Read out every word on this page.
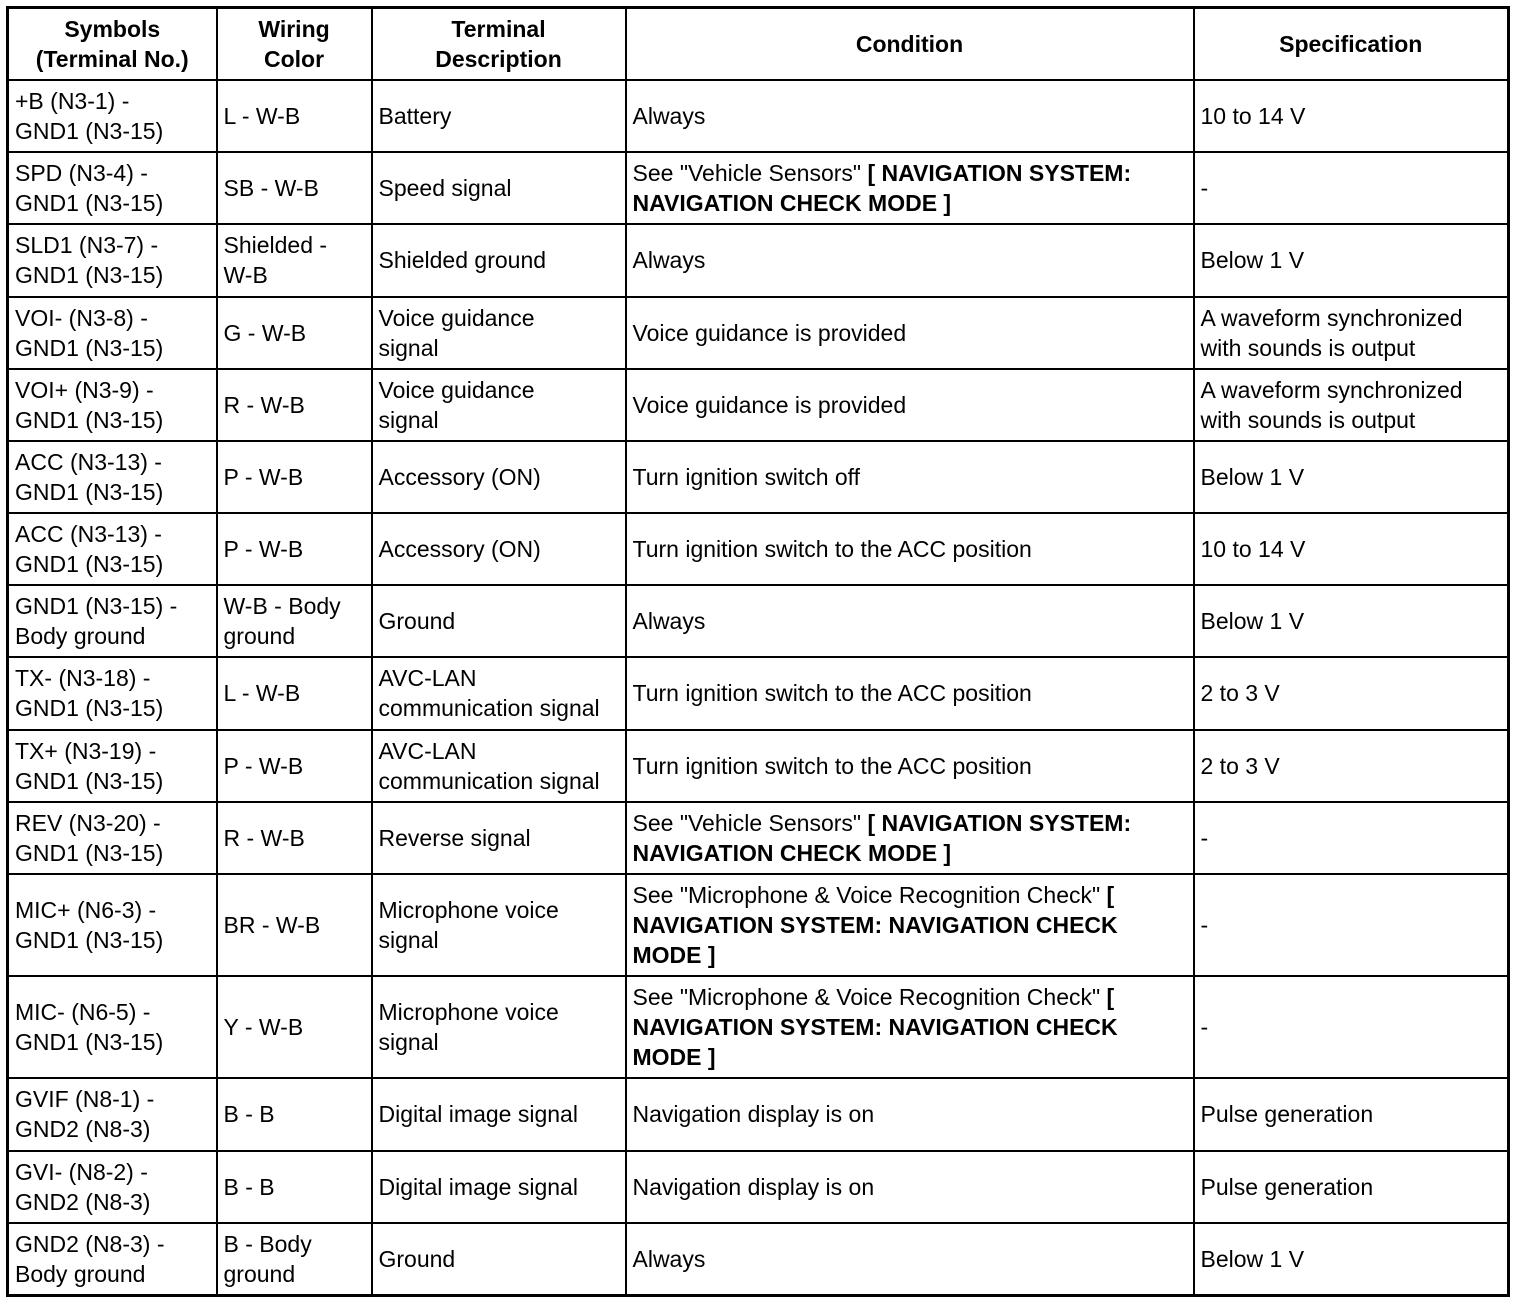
Symbols
(Terminal No.)	Wiring
Color	Terminal
Description	Condition	Specification
+B (N3-1) -
GND1 (N3-15)	L - W-B	Battery	Always	10 to 14 V
SPD (N3-4) -
GND1 (N3-15)	SB - W-B	Speed signal	See "Vehicle Sensors" [ NAVIGATION SYSTEM: NAVIGATION CHECK MODE ]	-
SLD1 (N3-7) -
GND1 (N3-15)	Shielded -
W-B	Shielded ground	Always	Below 1 V
VOI- (N3-8) -
GND1 (N3-15)	G - W-B	Voice guidance
signal	Voice guidance is provided	A waveform synchronized
with sounds is output
VOI+ (N3-9) -
GND1 (N3-15)	R - W-B	Voice guidance
signal	Voice guidance is provided	A waveform synchronized
with sounds is output
ACC (N3-13) -
GND1 (N3-15)	P - W-B	Accessory (ON)	Turn ignition switch off	Below 1 V
ACC (N3-13) -
GND1 (N3-15)	P - W-B	Accessory (ON)	Turn ignition switch to the ACC position	10 to 14 V
GND1 (N3-15) -
Body ground	W-B - Body
ground	Ground	Always	Below 1 V
TX- (N3-18) -
GND1 (N3-15)	L - W-B	AVC-LAN
communication signal	Turn ignition switch to the ACC position	2 to 3 V
TX+ (N3-19) -
GND1 (N3-15)	P - W-B	AVC-LAN
communication signal	Turn ignition switch to the ACC position	2 to 3 V
REV (N3-20) -
GND1 (N3-15)	R - W-B	Reverse signal	See "Vehicle Sensors" [ NAVIGATION SYSTEM: NAVIGATION CHECK MODE ]	-
MIC+ (N6-3) -
GND1 (N3-15)	BR - W-B	Microphone voice
signal	See "Microphone & Voice Recognition Check" [ NAVIGATION SYSTEM: NAVIGATION CHECK MODE ]	-
MIC- (N6-5) -
GND1 (N3-15)	Y - W-B	Microphone voice
signal	See "Microphone & Voice Recognition Check" [ NAVIGATION SYSTEM: NAVIGATION CHECK MODE ]	-
GVIF (N8-1) -
GND2 (N8-3)	B - B	Digital image signal	Navigation display is on	Pulse generation
GVI- (N8-2) -
GND2 (N8-3)	B - B	Digital image signal	Navigation display is on	Pulse generation
GND2 (N8-3) -
Body ground	B - Body
ground	Ground	Always	Below 1 V
